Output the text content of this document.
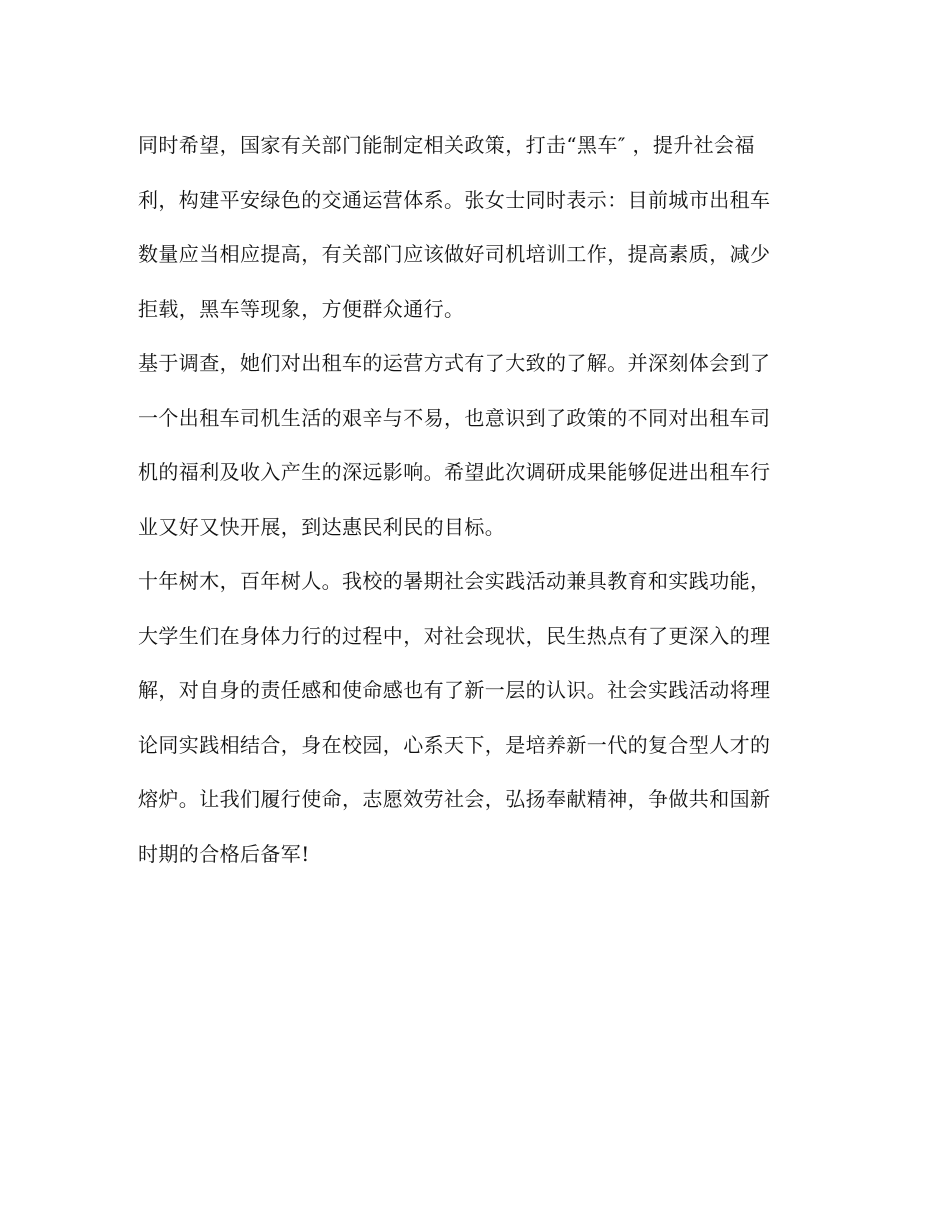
同时希望，国家有关部门能制定相关政策，打击“黑车″ ，提升社会福
利，构建平安绿色的交通运营体系。张女士同时表示：目前城市出租车
数量应当相应提高，有关部门应该做好司机培训工作，提高素质，减少
拒载，黑车等现象，方便群众通行。
基于调查，她们对出租车的运营方式有了大致的了解。并深刻体会到了
一个出租车司机生活的艰辛与不易，也意识到了政策的不同对出租车司
机的福利及收入产生的深远影响。希望此次调研成果能够促进出租车行
业又好又快开展，到达惠民利民的目标。
十年树木，百年树人。我校的暑期社会实践活动兼具教育和实践功能，
大学生们在身体力行的过程中，对社会现状，民生热点有了更深入的理
解，对自身的责任感和使命感也有了新一层的认识。社会实践活动将理
论同实践相结合，身在校园，心系天下，是培养新一代的复合型人才的
熔炉。让我们履行使命，志愿效劳社会，弘扬奉献精神，争做共和国新
时期的合格后备军!
